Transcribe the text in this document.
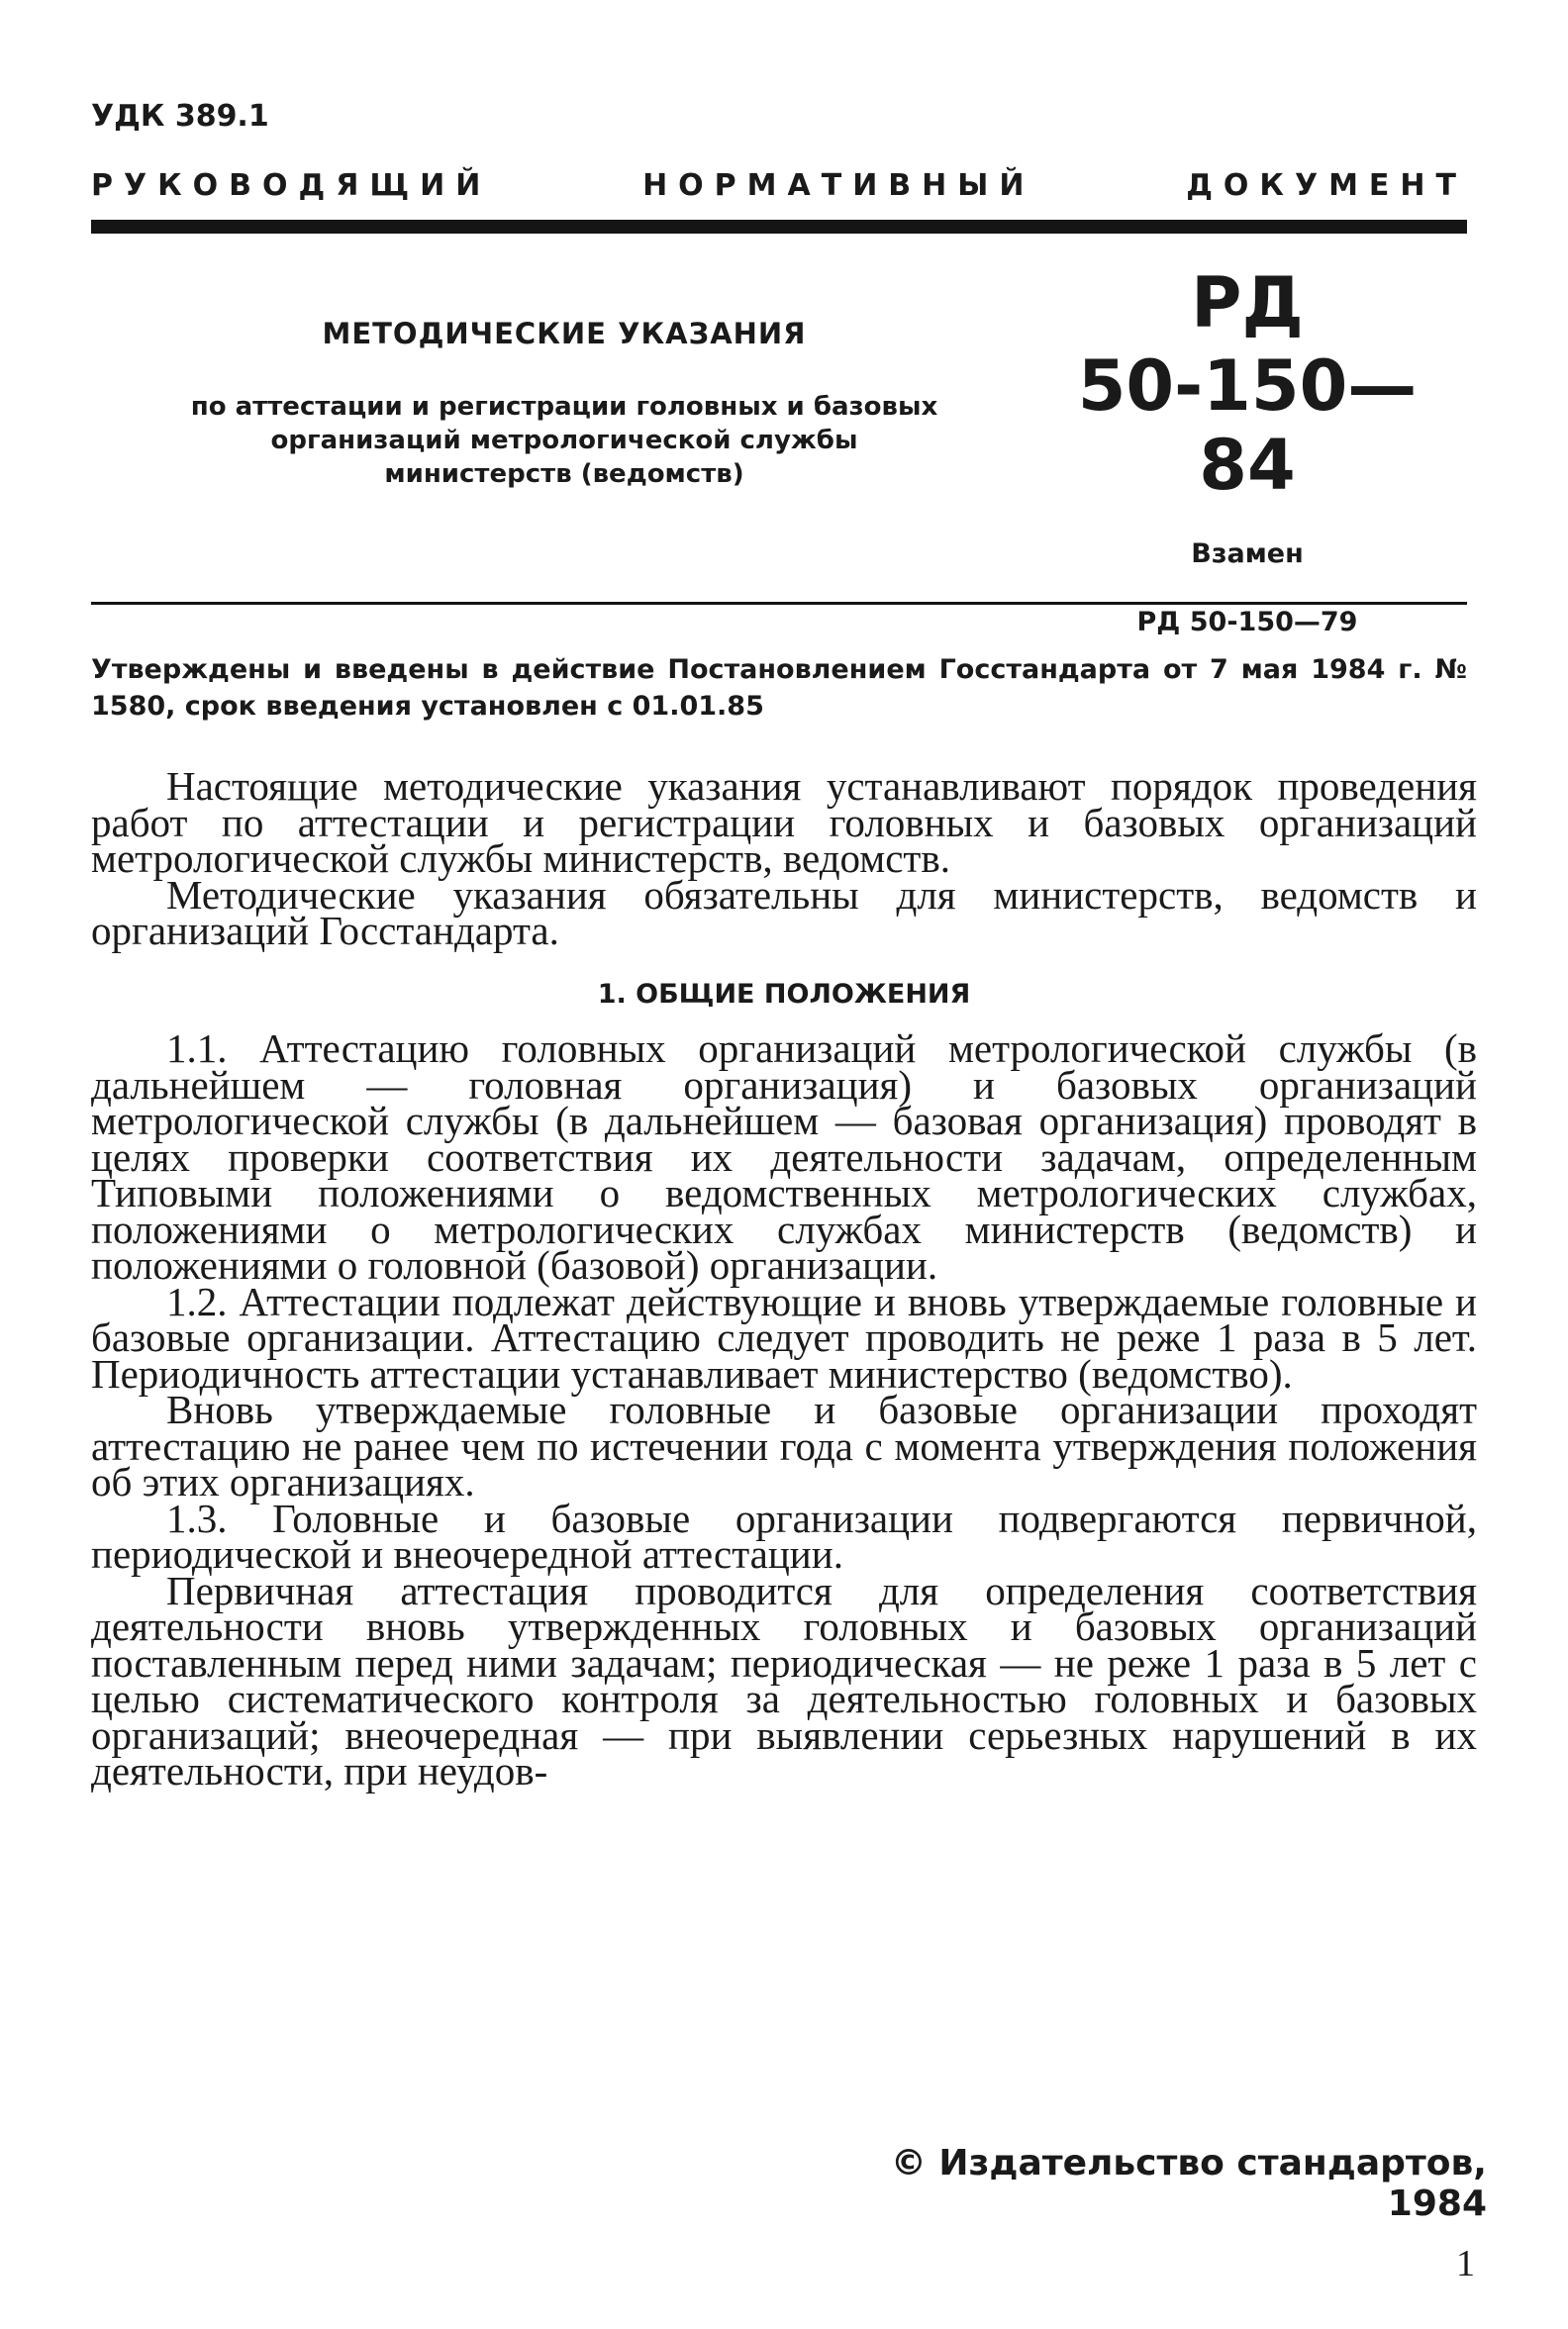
УДК 389.1
РУКОВОДЯЩИЙ	НОРМАТИВНЫЙ	ДОКУМЕНТ
МЕТОДИЧЕСКИЕ УКАЗАНИЯ
по аттестации и регистрации головных и базовых
организаций метрологической службы
министерств (ведомств)
РД
50-150—84
Взамен
РД 50-150—79
Утверждены и введены в действие Постановлением Госстандарта от 7 мая 1984 г. № 1580, срок введения установлен с 01.01.85

Настоящие методические указания устанавливают порядок проведения работ по аттестации и регистрации головных и базовых организаций метрологической службы министерств, ведомств.

Методические указания обязательны для министерств, ведомств и организаций Госстандарта.

1. ОБЩИЕ ПОЛОЖЕНИЯ

1.1. Аттестацию головных организаций метрологической службы (в дальнейшем — головная организация) и базовых организаций метрологической службы (в дальнейшем — базовая организация) проводят в целях проверки соответствия их деятельности задачам, определенным Типовыми положениями о ведомственных метрологических службах, положениями о метрологических службах министерств (ведомств) и положениями о головной (базовой) организации.

1.2. Аттестации подлежат действующие и вновь утверждаемые головные и базовые организации. Аттестацию следует проводить не реже 1 раза в 5 лет. Периодичность аттестации устанавливает министерство (ведомство).

Вновь утверждаемые головные и базовые организации проходят аттестацию не ранее чем по истечении года с момента утверждения положения об этих организациях.

1.3. Головные и базовые организации подвергаются первичной, периодической и внеочередной аттестации.

Первичная аттестация проводится для определения соответствия деятельности вновь утвержденных головных и базовых организаций поставленным перед ними задачам; периодическая — не реже 1 раза в 5 лет с целью систематического контроля за деятельностью головных и базовых организаций; внеочередная — при выявлении серьезных нарушений в их деятельности, при неудов-

© Издательство стандартов, 1984
1
